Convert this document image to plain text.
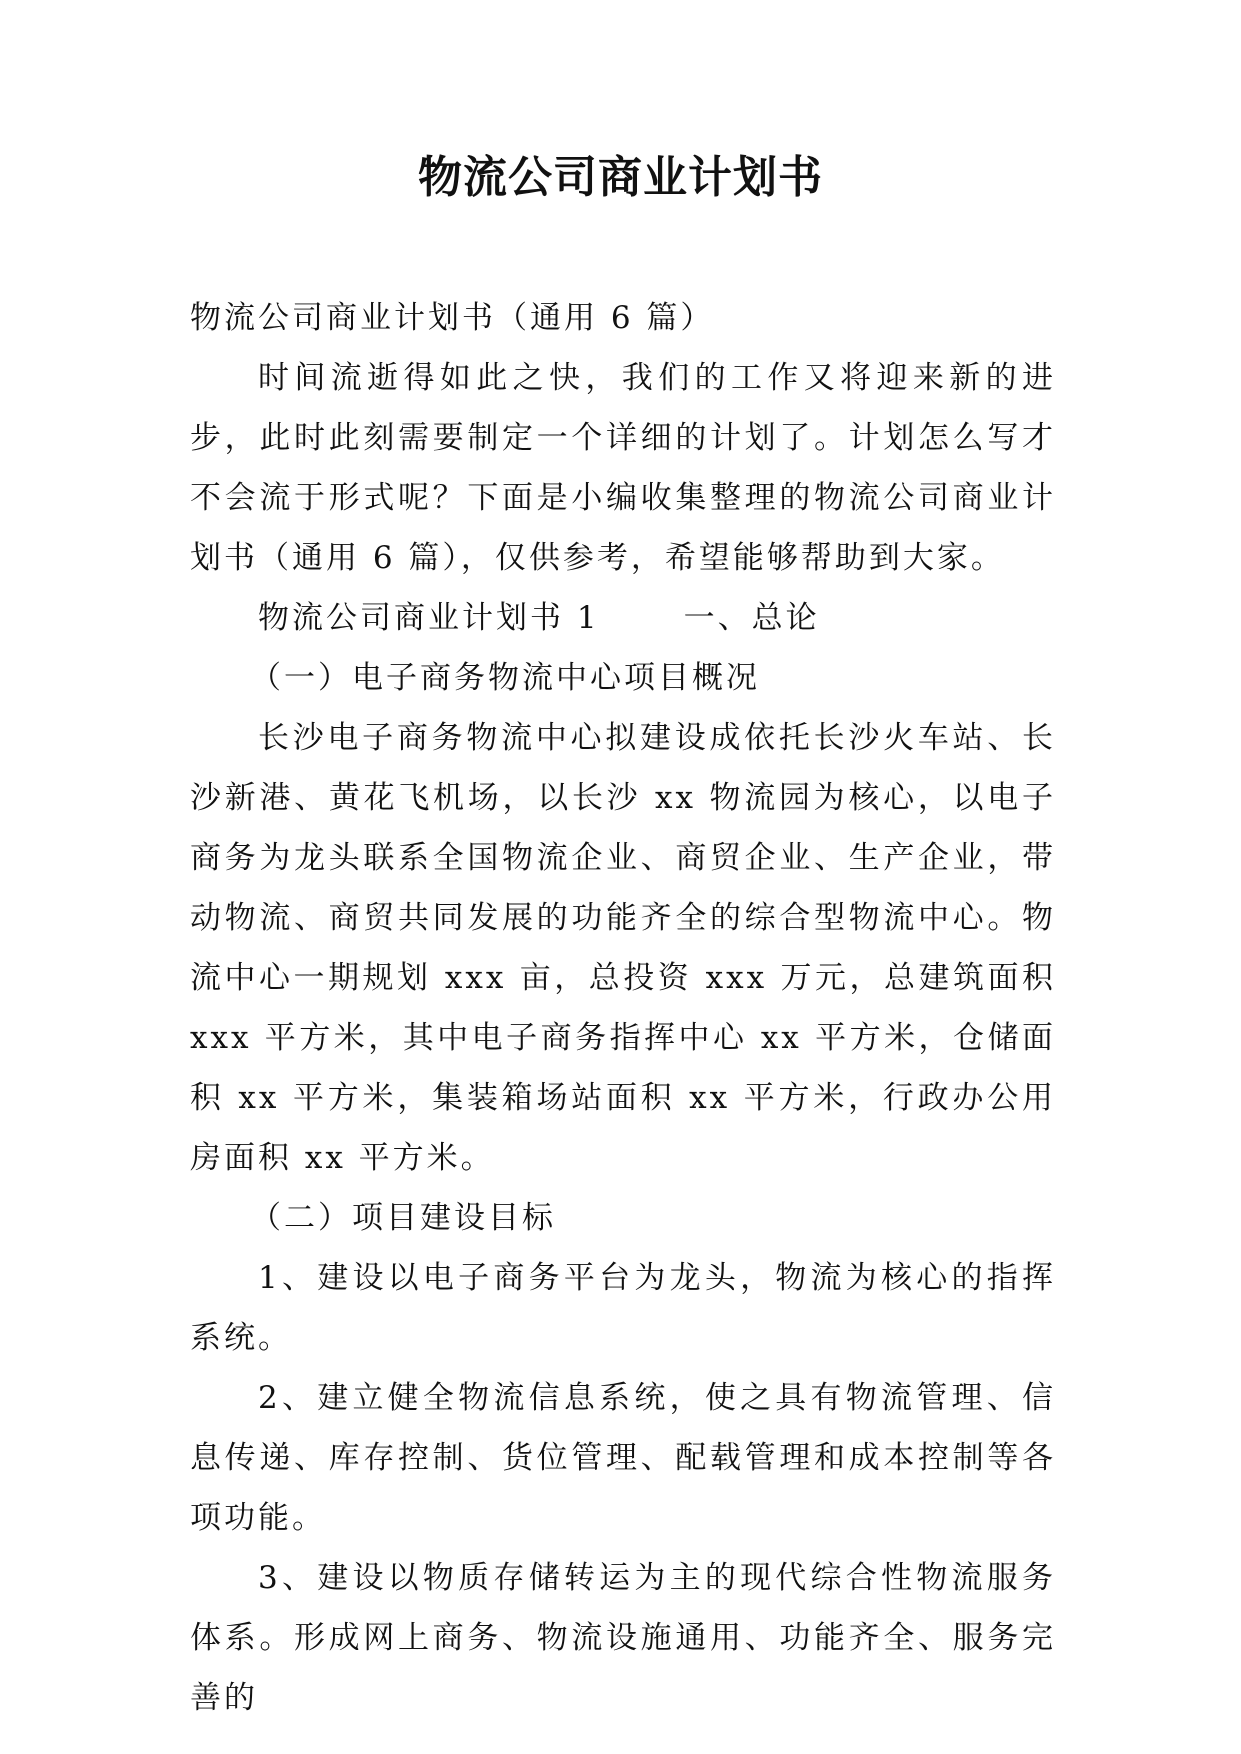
物流公司商业计划书

物流公司商业计划书（通用 6 篇）

时间流逝得如此之快，我们的工作又将迎来新的进步，此时此刻需要制定一个详细的计划了。计划怎么写才不会流于形式呢？下面是小编收集整理的物流公司商业计划书（通用 6 篇），仅供参考，希望能够帮助到大家。

物流公司商业计划书 1	一、总论

（一）电子商务物流中心项目概况

长沙电子商务物流中心拟建设成依托长沙火车站、长沙新港、黄花飞机场，以长沙 xx 物流园为核心，以电子商务为龙头联系全国物流企业、商贸企业、生产企业，带动物流、商贸共同发展的功能齐全的综合型物流中心。物流中心一期规划 xxx 亩，总投资 xxx 万元，总建筑面积 xxx 平方米，其中电子商务指挥中心 xx 平方米，仓储面积 xx 平方米，集装箱场站面积 xx 平方米，行政办公用房面积 xx 平方米。

（二）项目建设目标

1、建设以电子商务平台为龙头，物流为核心的指挥系统。

2、建立健全物流信息系统，使之具有物流管理、信息传递、库存控制、货位管理、配载管理和成本控制等各项功能。

3、建设以物质存储转运为主的现代综合性物流服务体系。形成网上商务、物流设施通用、功能齐全、服务完善的
